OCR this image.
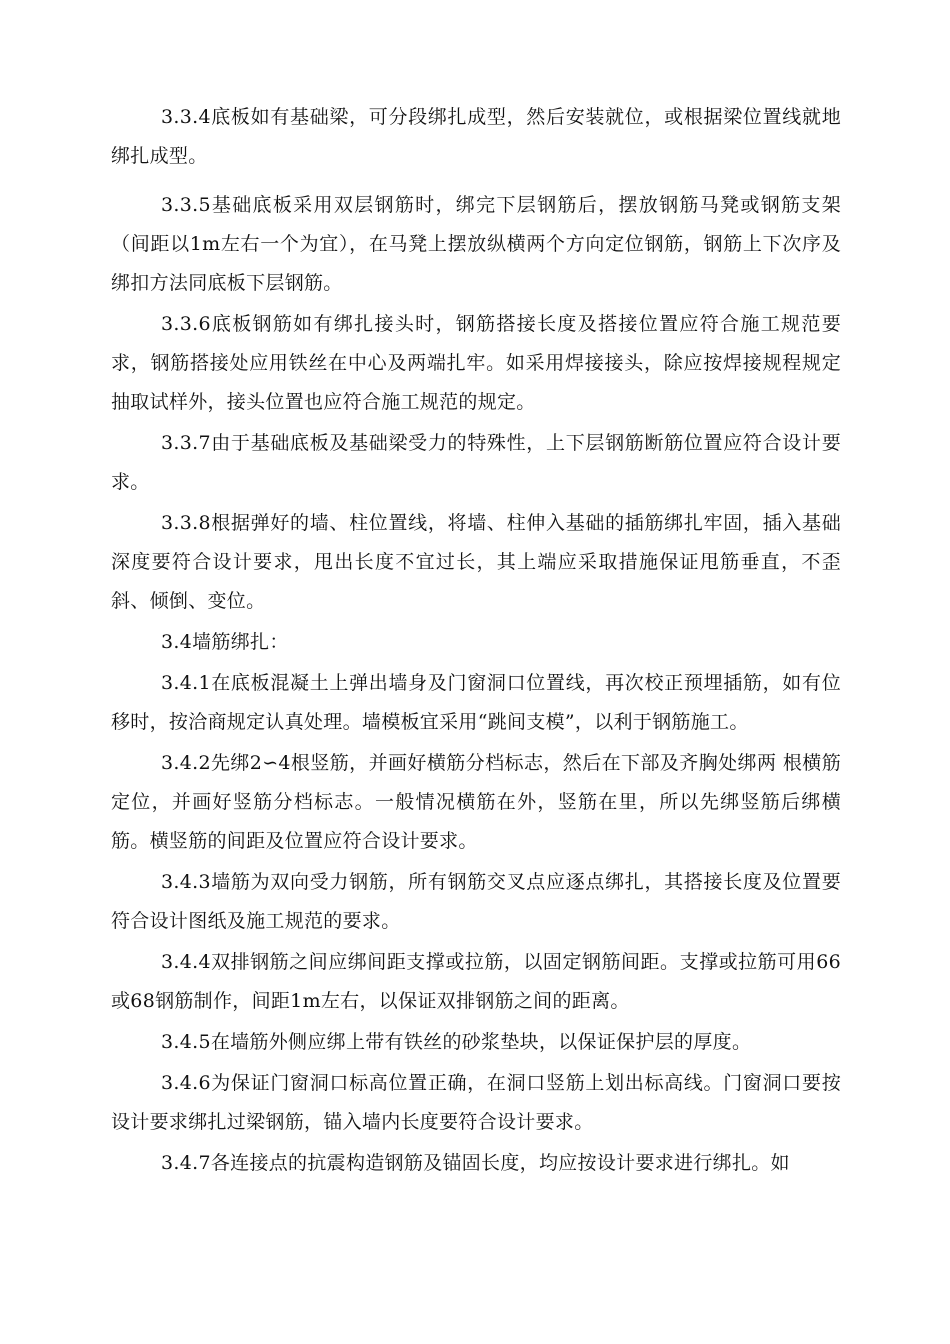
3.3.4底板如有基础梁，可分段绑扎成型，然后安装就位，或根据梁位置线就地绑扎成型。

3.3.5基础底板采用双层钢筋时，绑完下层钢筋后，摆放钢筋马凳或钢筋支架（间距以1m左右一个为宜），在马凳上摆放纵横两个方向定位钢筋，钢筋上下次序及绑扣方法同底板下层钢筋。

3.3.6底板钢筋如有绑扎接头时，钢筋搭接长度及搭接位置应符合施工规范要求，钢筋搭接处应用铁丝在中心及两端扎牢。如采用焊接接头，除应按焊接规程规定抽取试样外，接头位置也应符合施工规范的规定。

3.3.7由于基础底板及基础梁受力的特殊性，上下层钢筋断筋位置应符合设计要求。

3.3.8根据弹好的墙、柱位置线，将墙、柱伸入基础的插筋绑扎牢固，插入基础深度要符合设计要求，甩出长度不宜过长，其上端应采取措施保证甩筋垂直，不歪斜、倾倒、变位。

3.4墙筋绑扎：

3.4.1在底板混凝土上弹出墙身及门窗洞口位置线，再次校正预埋插筋，如有位移时，按洽商规定认真处理。墙模板宜采用“跳间支模”，以利于钢筋施工。

3.4.2先绑2∽4根竖筋，并画好横筋分档标志，然后在下部及齐胸处绑两 根横筋定位，并画好竖筋分档标志。一般情况横筋在外，竖筋在里，所以先绑竖筋后绑横筋。横竖筋的间距及位置应符合设计要求。

3.4.3墙筋为双向受力钢筋，所有钢筋交叉点应逐点绑扎，其搭接长度及位置要符合设计图纸及施工规范的要求。

3.4.4双排钢筋之间应绑间距支撑或拉筋，以固定钢筋间距。支撑或拉筋可用66或68钢筋制作，间距1m左右，以保证双排钢筋之间的距离。

3.4.5在墙筋外侧应绑上带有铁丝的砂浆垫块，以保证保护层的厚度。

3.4.6为保证门窗洞口标高位置正确，在洞口竖筋上划出标高线。门窗洞口要按设计要求绑扎过梁钢筋，锚入墙内长度要符合设计要求。

3.4.7各连接点的抗震构造钢筋及锚固长度，均应按设计要求进行绑扎。如
